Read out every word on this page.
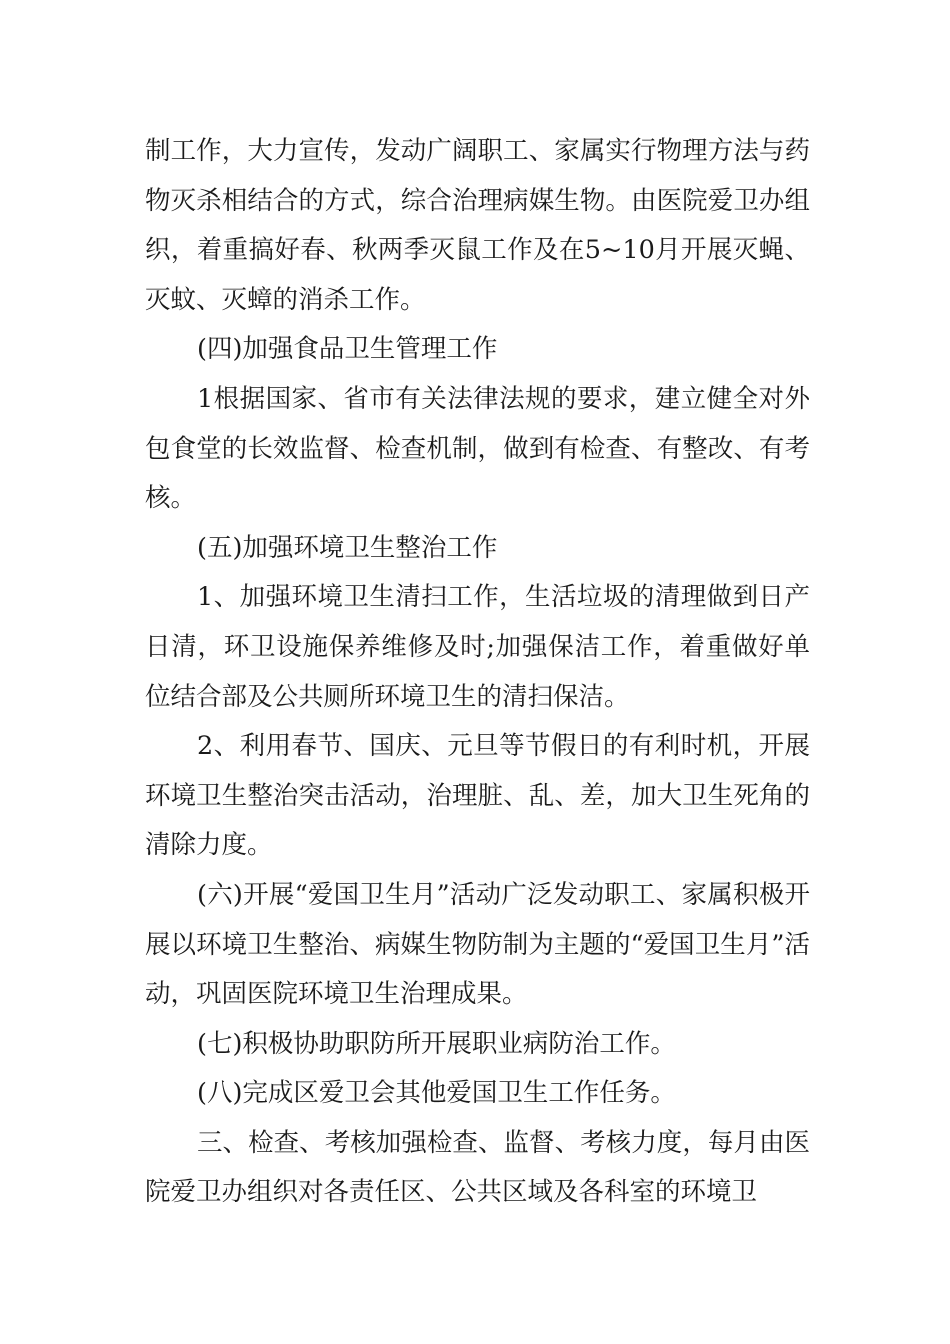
制工作，大力宣传，发动广阔职工、家属实行物理方法与药物灭杀相结合的方式，综合治理病媒生物。由医院爱卫办组织，着重搞好春、秋两季灭鼠工作及在5~10月开展灭蝇、灭蚊、灭蟑的消杀工作。

(四)加强食品卫生管理工作

1根据国家、省市有关法律法规的要求，建立健全对外包食堂的长效监督、检查机制，做到有检查、有整改、有考核。

(五)加强环境卫生整治工作

1、加强环境卫生清扫工作，生活垃圾的清理做到日产日清，环卫设施保养维修及时;加强保洁工作，着重做好单位结合部及公共厕所环境卫生的清扫保洁。

2、利用春节、国庆、元旦等节假日的有利时机，开展环境卫生整治突击活动，治理脏、乱、差，加大卫生死角的清除力度。

(六)开展“爱国卫生月”活动广泛发动职工、家属积极开展以环境卫生整治、病媒生物防制为主题的“爱国卫生月”活动，巩固医院环境卫生治理成果。

(七)积极协助职防所开展职业病防治工作。

(八)完成区爱卫会其他爱国卫生工作任务。

三、检查、考核加强检查、监督、考核力度，每月由医院爱卫办组织对各责任区、公共区域及各科室的环境卫
